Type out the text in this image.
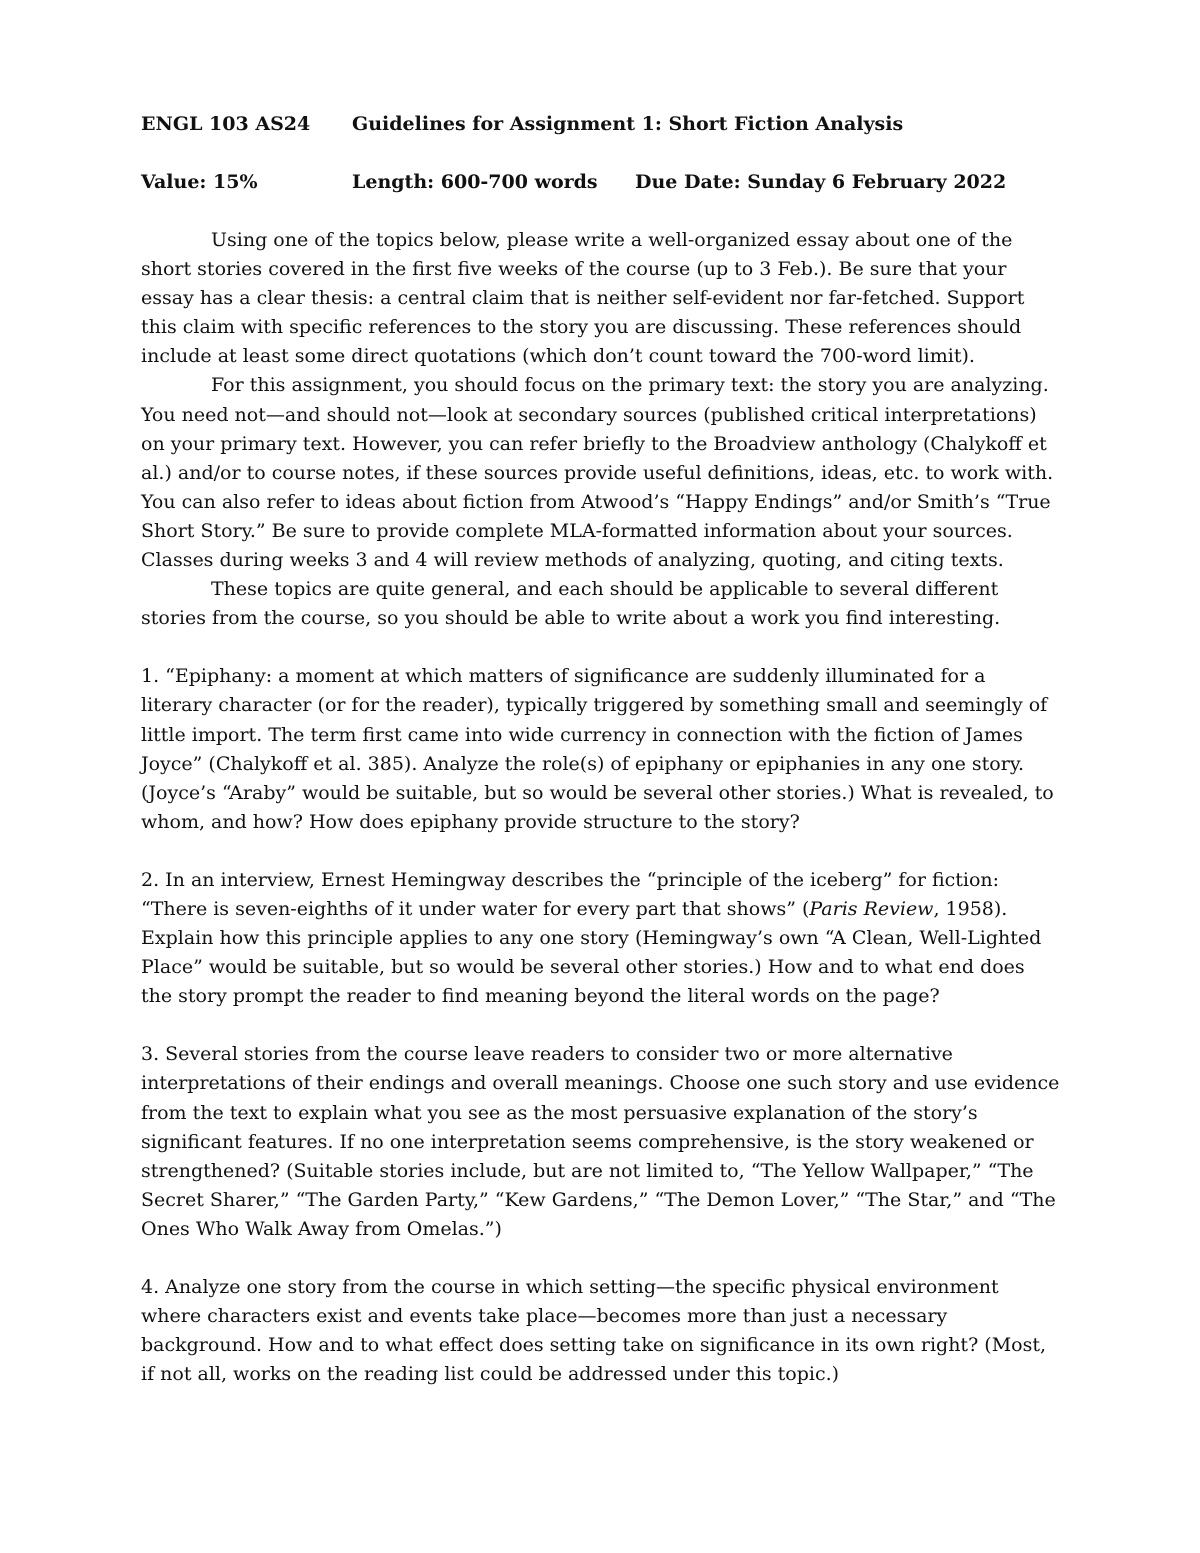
ENGL 103 AS24 Guidelines for Assignment 1: Short Fiction Analysis
Value: 15%	Length: 600-700 words Due Date: Sunday 6 February 2022

Using one of the topics below, please write a well-organized essay about one of the short stories covered in the first five weeks of the course (up to 3 Feb.). Be sure that your essay has a clear thesis: a central claim that is neither self-evident nor far-fetched. Support this claim with specific references to the story you are discussing. These references should include at least some direct quotations (which don’t count toward the 700-word limit).

For this assignment, you should focus on the primary text: the story you are analyzing. You need not—and should not—look at secondary sources (published critical interpretations) on your primary text. However, you can refer briefly to the Broadview anthology (Chalykoff et al.) and/or to course notes, if these sources provide useful definitions, ideas, etc. to work with. You can also refer to ideas about fiction from Atwood’s “Happy Endings” and/or Smith’s “True Short Story.” Be sure to provide complete MLA-formatted information about your sources. Classes during weeks 3 and 4 will review methods of analyzing, quoting, and citing texts.

These topics are quite general, and each should be applicable to several different stories from the course, so you should be able to write about a work you find interesting.

1. “Epiphany: a moment at which matters of significance are suddenly illuminated for a literary character (or for the reader), typically triggered by something small and seemingly of little import. The term first came into wide currency in connection with the fiction of James Joyce” (Chalykoff et al. 385). Analyze the role(s) of epiphany or epiphanies in any one story. (Joyce’s “Araby” would be suitable, but so would be several other stories.) What is revealed, to whom, and how? How does epiphany provide structure to the story?

2. In an interview, Ernest Hemingway describes the “principle of the iceberg” for fiction: “There is seven-eighths of it under water for every part that shows” (Paris Review, 1958). Explain how this principle applies to any one story (Hemingway’s own “A Clean, Well-Lighted Place” would be suitable, but so would be several other stories.) How and to what end does the story prompt the reader to find meaning beyond the literal words on the page?

3. Several stories from the course leave readers to consider two or more alternative interpretations of their endings and overall meanings. Choose one such story and use evidence from the text to explain what you see as the most persuasive explanation of the story’s significant features. If no one interpretation seems comprehensive, is the story weakened or strengthened? (Suitable stories include, but are not limited to, “The Yellow Wallpaper,” “The Secret Sharer,” “The Garden Party,” “Kew Gardens,” “The Demon Lover,” “The Star,” and “The Ones Who Walk Away from Omelas.”)

4. Analyze one story from the course in which setting—the specific physical environment where characters exist and events take place—becomes more than just a necessary background. How and to what effect does setting take on significance in its own right? (Most, if not all, works on the reading list could be addressed under this topic.)
